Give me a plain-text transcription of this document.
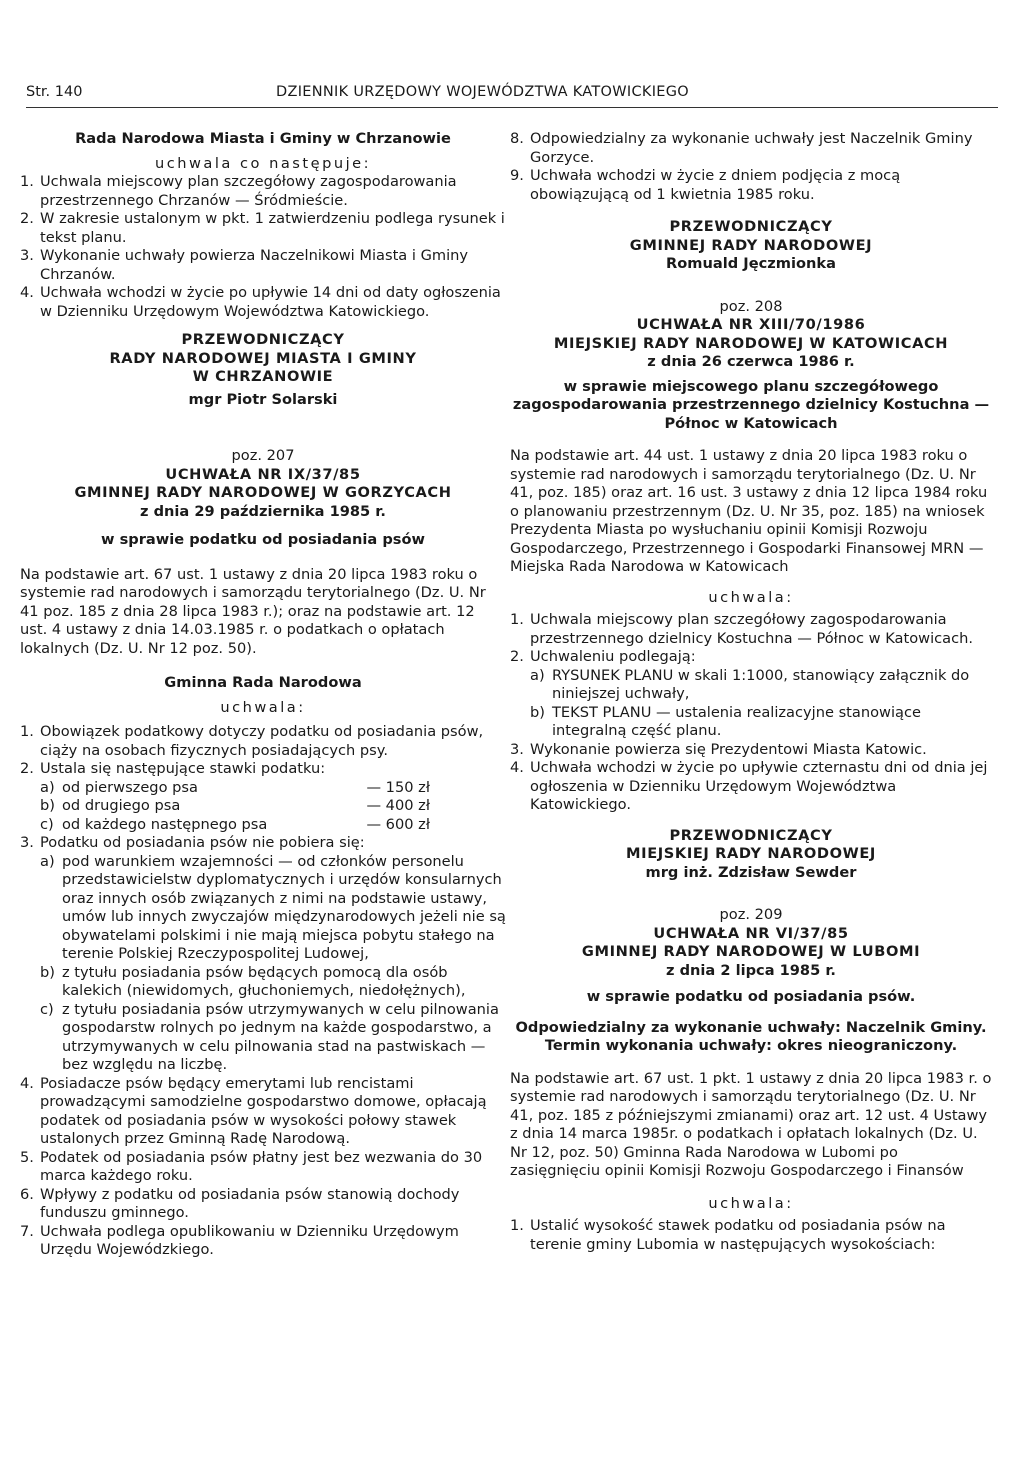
Str. 140	DZIENNIK URZĘDOWY WOJEWÓDZTWA KATOWICKIEGO

Rada Narodowa Miasta i Gminy w Chrzanowie

uchwala co następuje:

1. Uchwala miejscowy plan szczegółowy zagospodarowania przestrzennego Chrzanów — Śródmieście.
2. W zakresie ustalonym w pkt. 1 zatwierdzeniu podlega rysunek i tekst planu.
3. Wykonanie uchwały powierza Naczelnikowi Miasta i Gminy Chrzanów.
4. Uchwała wchodzi w życie po upływie 14 dni od daty ogłoszenia w Dzienniku Urzędowym Województwa Katowickiego.

PRZEWODNICZĄCY

RADY NARODOWEJ MIASTA I GMINY

W CHRZANOWIE

mgr Piotr Solarski

poz. 207

UCHWAŁA NR IX/37/85

GMINNEJ RADY NARODOWEJ W GORZYCACH

z dnia 29 października 1985 r.

w sprawie podatku od posiadania psów

Na podstawie art. 67 ust. 1 ustawy z dnia 20 lipca 1983 roku o systemie rad narodowych i samorządu terytorialnego (Dz. U. Nr 41 poz. 185 z dnia 28 lipca 1983 r.); oraz na podstawie art. 12 ust. 4 ustawy z dnia 14.03.1985 r. o podatkach o opłatach lokalnych (Dz. U. Nr 12 poz. 50).

Gminna Rada Narodowa

uchwala:

1. Obowiązek podatkowy dotyczy podatku od posiadania psów, ciąży na osobach fizycznych posiadających psy.
2. Ustala się następujące stawki podatku:
a) od pierwszego psa	— 150 zł
b) od drugiego psa	— 400 zł
c) od każdego następnego psa	— 600 zł
3. Podatku od posiadania psów nie pobiera się:
a) pod warunkiem wzajemności — od członków personelu przedstawicielstw dyplomatycznych i urzędów konsularnych oraz innych osób związanych z nimi na podstawie ustawy, umów lub innych zwyczajów międzynarodowych jeżeli nie są obywatelami polskimi i nie mają miejsca pobytu stałego na terenie Polskiej Rzeczypospolitej Ludowej,
b) z tytułu posiadania psów będących pomocą dla osób kalekich (niewidomych, głuchoniemych, niedołężnych),
c) z tytułu posiadania psów utrzymywanych w celu pilnowania gospodarstw rolnych po jednym na każde gospodarstwo, a utrzymywanych w celu pilnowania stad na pastwiskach — bez względu na liczbę.
4. Posiadacze psów będący emerytami lub rencistami prowadzącymi samodzielne gospodarstwo domowe, opłacają podatek od posiadania psów w wysokości połowy stawek ustalonych przez Gminną Radę Narodową.
5. Podatek od posiadania psów płatny jest bez wezwania do 30 marca każdego roku.
6. Wpływy z podatku od posiadania psów stanowią dochody funduszu gminnego.
7. Uchwała podlega opublikowaniu w Dzienniku Urzędowym Urzędu Wojewódzkiego.
8. Odpowiedzialny za wykonanie uchwały jest Naczelnik Gminy Gorzyce.
9. Uchwała wchodzi w życie z dniem podjęcia z mocą obowiązującą od 1 kwietnia 1985 roku.

PRZEWODNICZĄCY

GMINNEJ RADY NARODOWEJ

Romuald Jęczmionka

poz. 208

UCHWAŁA NR XIII/70/1986

MIEJSKIEJ RADY NARODOWEJ W KATOWICACH

z dnia 26 czerwca 1986 r.

w sprawie miejscowego planu szczegółowego zagospodarowania przestrzennego dzielnicy Kostuchna — Północ w Katowicach

Na podstawie art. 44 ust. 1 ustawy z dnia 20 lipca 1983 roku o systemie rad narodowych i samorządu terytorialnego (Dz. U. Nr 41, poz. 185) oraz art. 16 ust. 3 ustawy z dnia 12 lipca 1984 roku o planowaniu przestrzennym (Dz. U. Nr 35, poz. 185) na wniosek Prezydenta Miasta po wysłuchaniu opinii Komisji Rozwoju Gospodarczego, Przestrzennego i Gospodarki Finansowej MRN — Miejska Rada Narodowa w Katowicach

uchwala:

1. Uchwala miejscowy plan szczegółowy zagospodarowania przestrzennego dzielnicy Kostuchna — Północ w Katowicach.
2. Uchwaleniu podlegają:
a) RYSUNEK PLANU w skali 1:1000, stanowiący załącznik do niniejszej uchwały,
b) TEKST PLANU — ustalenia realizacyjne stanowiące integralną część planu.
3. Wykonanie powierza się Prezydentowi Miasta Katowic.
4. Uchwała wchodzi w życie po upływie czternastu dni od dnia jej ogłoszenia w Dzienniku Urzędowym Województwa Katowickiego.

PRZEWODNICZĄCY

MIEJSKIEJ RADY NARODOWEJ

mrg inż. Zdzisław Sewder

poz. 209

UCHWAŁA NR VI/37/85

GMINNEJ RADY NARODOWEJ W LUBOMI

z dnia 2 lipca 1985 r.

w sprawie podatku od posiadania psów.

Odpowiedzialny za wykonanie uchwały: Naczelnik Gminy.

Termin wykonania uchwały: okres nieograniczony.

Na podstawie art. 67 ust. 1 pkt. 1 ustawy z dnia 20 lipca 1983 r. o systemie rad narodowych i samorządu terytorialnego (Dz. U. Nr 41, poz. 185 z późniejszymi zmianami) oraz art. 12 ust. 4 Ustawy z dnia 14 marca 1985r. o podatkach i opłatach lokalnych (Dz. U. Nr 12, poz. 50) Gminna Rada Narodowa w Lubomi po zasięgnięciu opinii Komisji Rozwoju Gospodarczego i Finansów

uchwala:

1. Ustalić wysokość stawek podatku od posiadania psów na terenie gminy Lubomia w następujących wysokościach:
